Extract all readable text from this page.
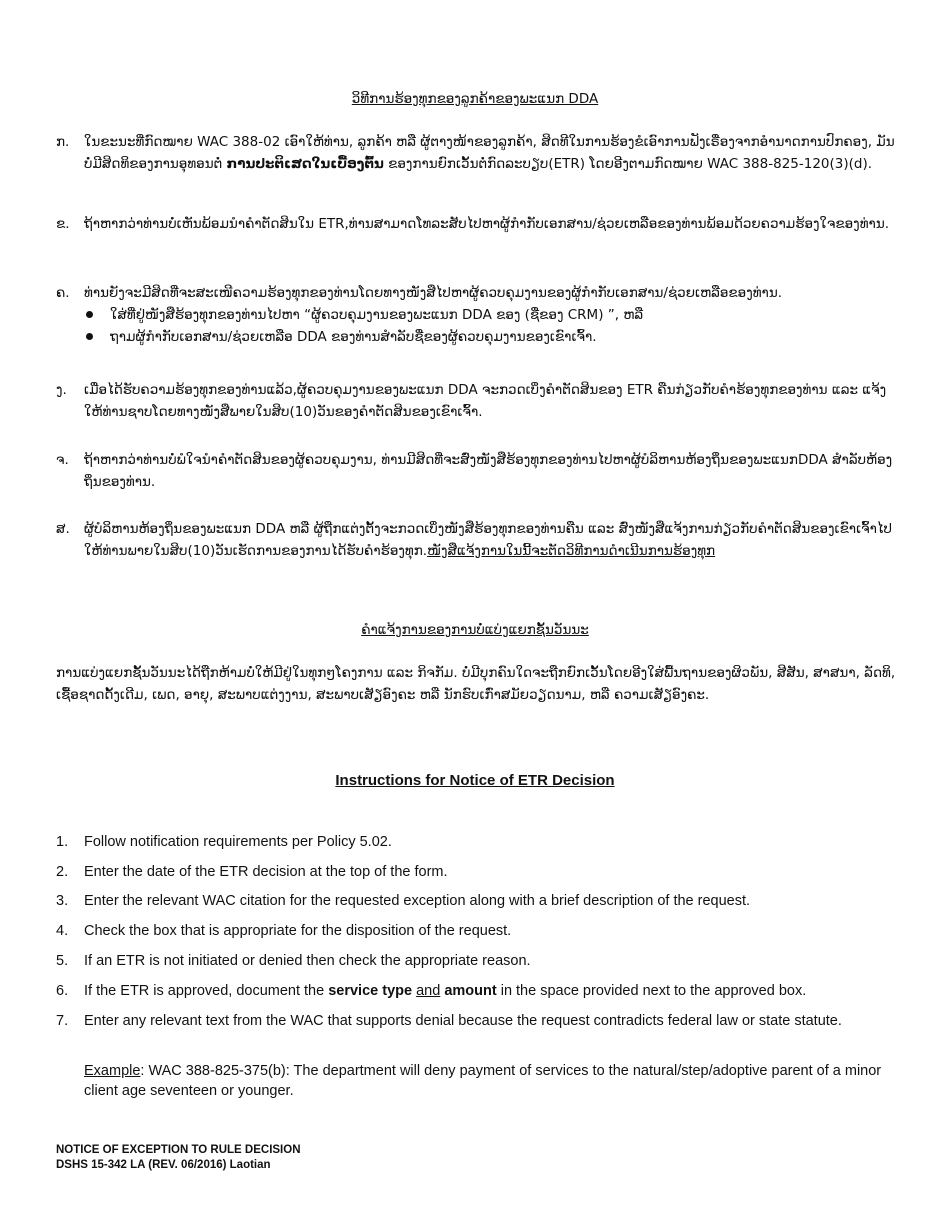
ວິທີການຮ້ອງທຸກຂອງລູກຄ້າຂອງພະແນກ DDA
ກ.	ໃນຂະນະທີ່ກົດໝາຍ WAC 388-02 ເອົາໃຫ້ທ່ານ, ລູກຄ້າ ຫລື ຜູ້ຕາງໜ້າຂອງລູກຄ້າ, ສິດທີໃນການຮ້ອງຂໍເອົາການຟັງເຣື່ອງຈາກອຳນາດການປົກຄອງ, ມັນບໍ່ມີສິດທິຂອງການອຸທອນຕໍ່ ການປະຕິເສດໃນເບື້ອງຕົ້ນ ຂອງການຍົກເວັ້ນຕໍ່ກົດລະບຽບ(ETR) ໂດຍອີງຕາມກົດໝາຍ WAC 388-825-120(3)(d).
ຂ.	ຖ້າຫາກວ່າທ່ານບໍ່ເຫັນພ້ອມນຳຄຳຕັດສິນໃນ ETR,ທ່ານສາມາດໂທລະສັບໄປຫາຜູ້ກຳກັບເອກສານ/ຊ່ວຍເຫລືອຂອງທ່ານພ້ອມດ້ວຍຄວາມຮ້ອງໃຈຂອງທ່ານ.
ຄ.	ທ່ານຍັງຈະມີສິດທີ່ຈະສະເໜີຄວາມຮ້ອງທຸກຂອງທ່ານໂດຍທາງໜັງສືໄປຫາຜູ້ຄວບຄຸມງານຂອງຜູ້ກຳກັບເອກສານ/ຊ່ວຍເຫລືອຂອງທ່ານ.
ໃສ່ທີ່ຢູ່ໜັງສືຮ້ອງທຸກຂອງທ່ານໄປຫາ “ຜູ້ຄວບຄຸມງານຂອງພະແນກ DDA ຂອງ (ຊື່ຂອງ CRM) ”, ຫລື
ຖາມຜູ້ກຳກັບເອກສານ/ຊ່ວຍເຫລືອ DDA ຂອງທ່ານສຳລັບຊື່ຂອງຜູ້ຄວບຄຸມງານຂອງເຂົາເຈົ້າ.
ງ.	ເມື່ອໄດ້ຮັບຄວາມຮ້ອງທຸກຂອງທ່ານແລ້ວ,ຜູ້ຄວບຄຸມງານຂອງພະແນກ DDA ຈະກວດເບິ່ງຄຳຕັດສິນຂອງ ETR ຄືນກ່ຽວກັບຄຳຮ້ອງທຸກຂອງທ່ານ ແລະ ແຈ້ງໃຫ້ທ່ານຊາບໂດຍທາງໜັງສືພາຍໃນສິບ(10)ວັນຂອງຄຳຕັດສິນຂອງເຂົາເຈົ້າ.
ຈ.	ຖ້າຫາກວ່າທ່ານບໍ່ພໍໃຈນຳຄຳຕັດສິນຂອງຜູ້ຄວບຄຸມງານ, ທ່ານມີສິດທີ່ຈະສົ່ງໜັງສືຮ້ອງທຸກຂອງທ່ານໄປຫາຜູ້ບໍລິຫານຫ້ອງຖິ່ນຂອງພະແນກDDA ສຳລັບຫ້ອງຖິ່ນຂອງທ່ານ.
ສ.	ຜູ້ບໍລິຫານຫ້ອງຖິ່ນຂອງພະແນກ DDA ຫລື ຜູ້ຖືກແຕ່ງຕັ້ງຈະກວດເບິ່ງໜັງສືຮ້ອງທຸກຂອງທ່ານຄືນ ແລະ ສົ່ງໜັງສືແຈ້ງການກ່ຽວກັບຄຳຕັດສິນຂອງເຂົາເຈົ້າໄປໃຫ້ທ່ານພາຍໃນສິບ(10)ວັນເຮັດການຂອງການໄດ້ຮັບຄຳຮ້ອງທຸກ.ໜັງສືແຈ້ງການໃນນີ້ຈະຕັດວິທີການດຳເນີນການຮ້ອງທຸກ
ຄຳແຈ້ງການຂອງການບໍ່ແບ່ງແຍກຊັ້ນວັນນະ
ການແບ່ງແຍກຊັ້ນວັນນະໄດ້ຖືກຫ້າມບໍ່ໃຫ້ມີຢູ່ໃນທຸກໆໂຄງການ ແລະ ກິຈກັມ. ບໍ່ມີບຸກຄົນໃດຈະຖືກຍົກເວັ້ນໂດຍອີງໃສ່ພື້ນຖານຂອງຜິວພັນ, ສີສັນ, ສາສນາ, ລັດທິ, ເຊື້ອຊາດດັ້ງເດີມ, ເພດ, ອາຍຸ, ສະພາບແຕ່ງງານ, ສະພາບເສັຽອົງຄະ ຫລື ນັກຮົບເກົ່າສມັຍວຽດນາມ, ຫລື ຄວາມເສັຽອົງຄະ.
Instructions for Notice of ETR Decision
1. Follow notification requirements per Policy 5.02.
2. Enter the date of the ETR decision at the top of the form.
3. Enter the relevant WAC citation for the requested exception along with a brief description of the request.
4. Check the box that is appropriate for the disposition of the request.
5. If an ETR is not initiated or denied then check the appropriate reason.
6. If the ETR is approved, document the service type and amount in the space provided next to the approved box.
7. Enter any relevant text from the WAC that supports denial because the request contradicts federal law or state statute.
Example: WAC 388-825-375(b): The department will deny payment of services to the natural/step/adoptive parent of a minor client age seventeen or younger.
NOTICE OF EXCEPTION TO RULE DECISION
DSHS 15-342 LA (REV. 06/2016) Laotian
